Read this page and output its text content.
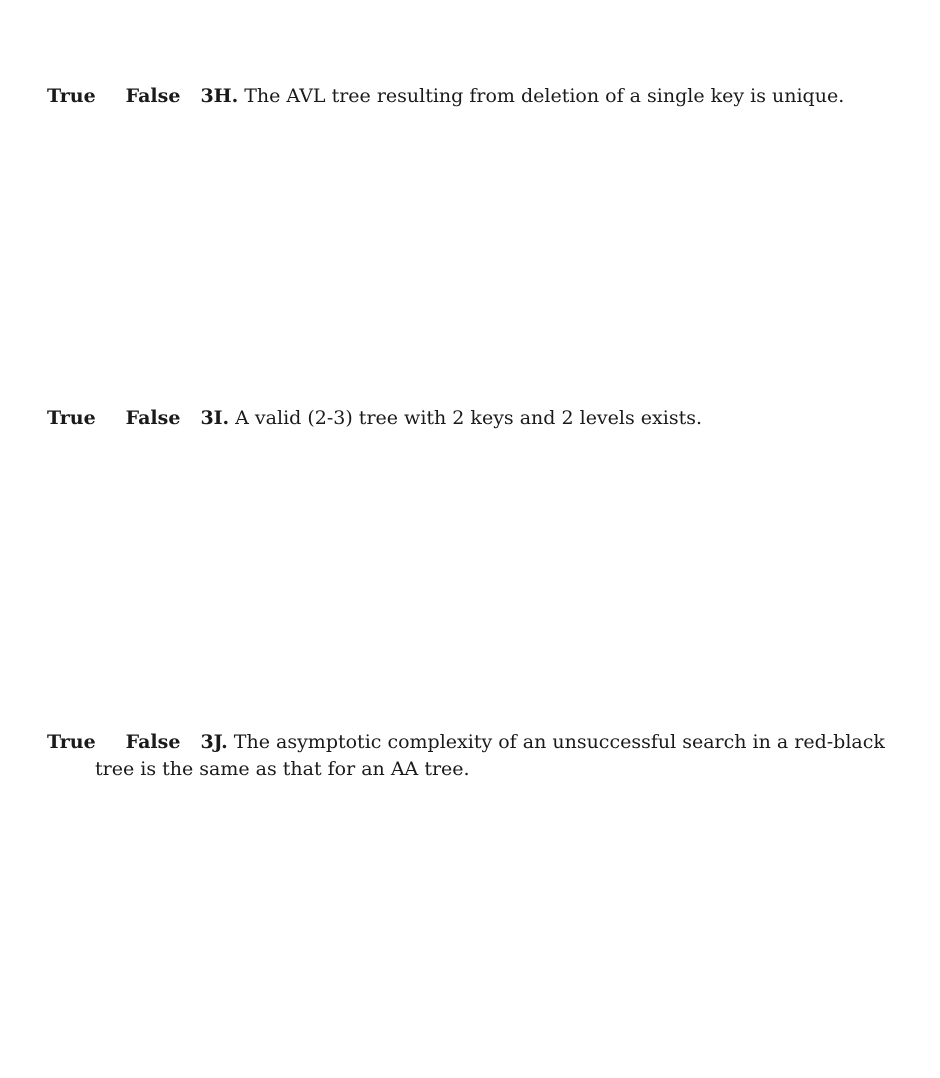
True False 3H. The AVL tree resulting from deletion of a single key is unique.

True False 3I. A valid (2-3) tree with 2 keys and 2 levels exists.

True False 3J. The asymptotic complexity of an unsuccessful search in a red-black
tree is the same as that for an AA tree.
